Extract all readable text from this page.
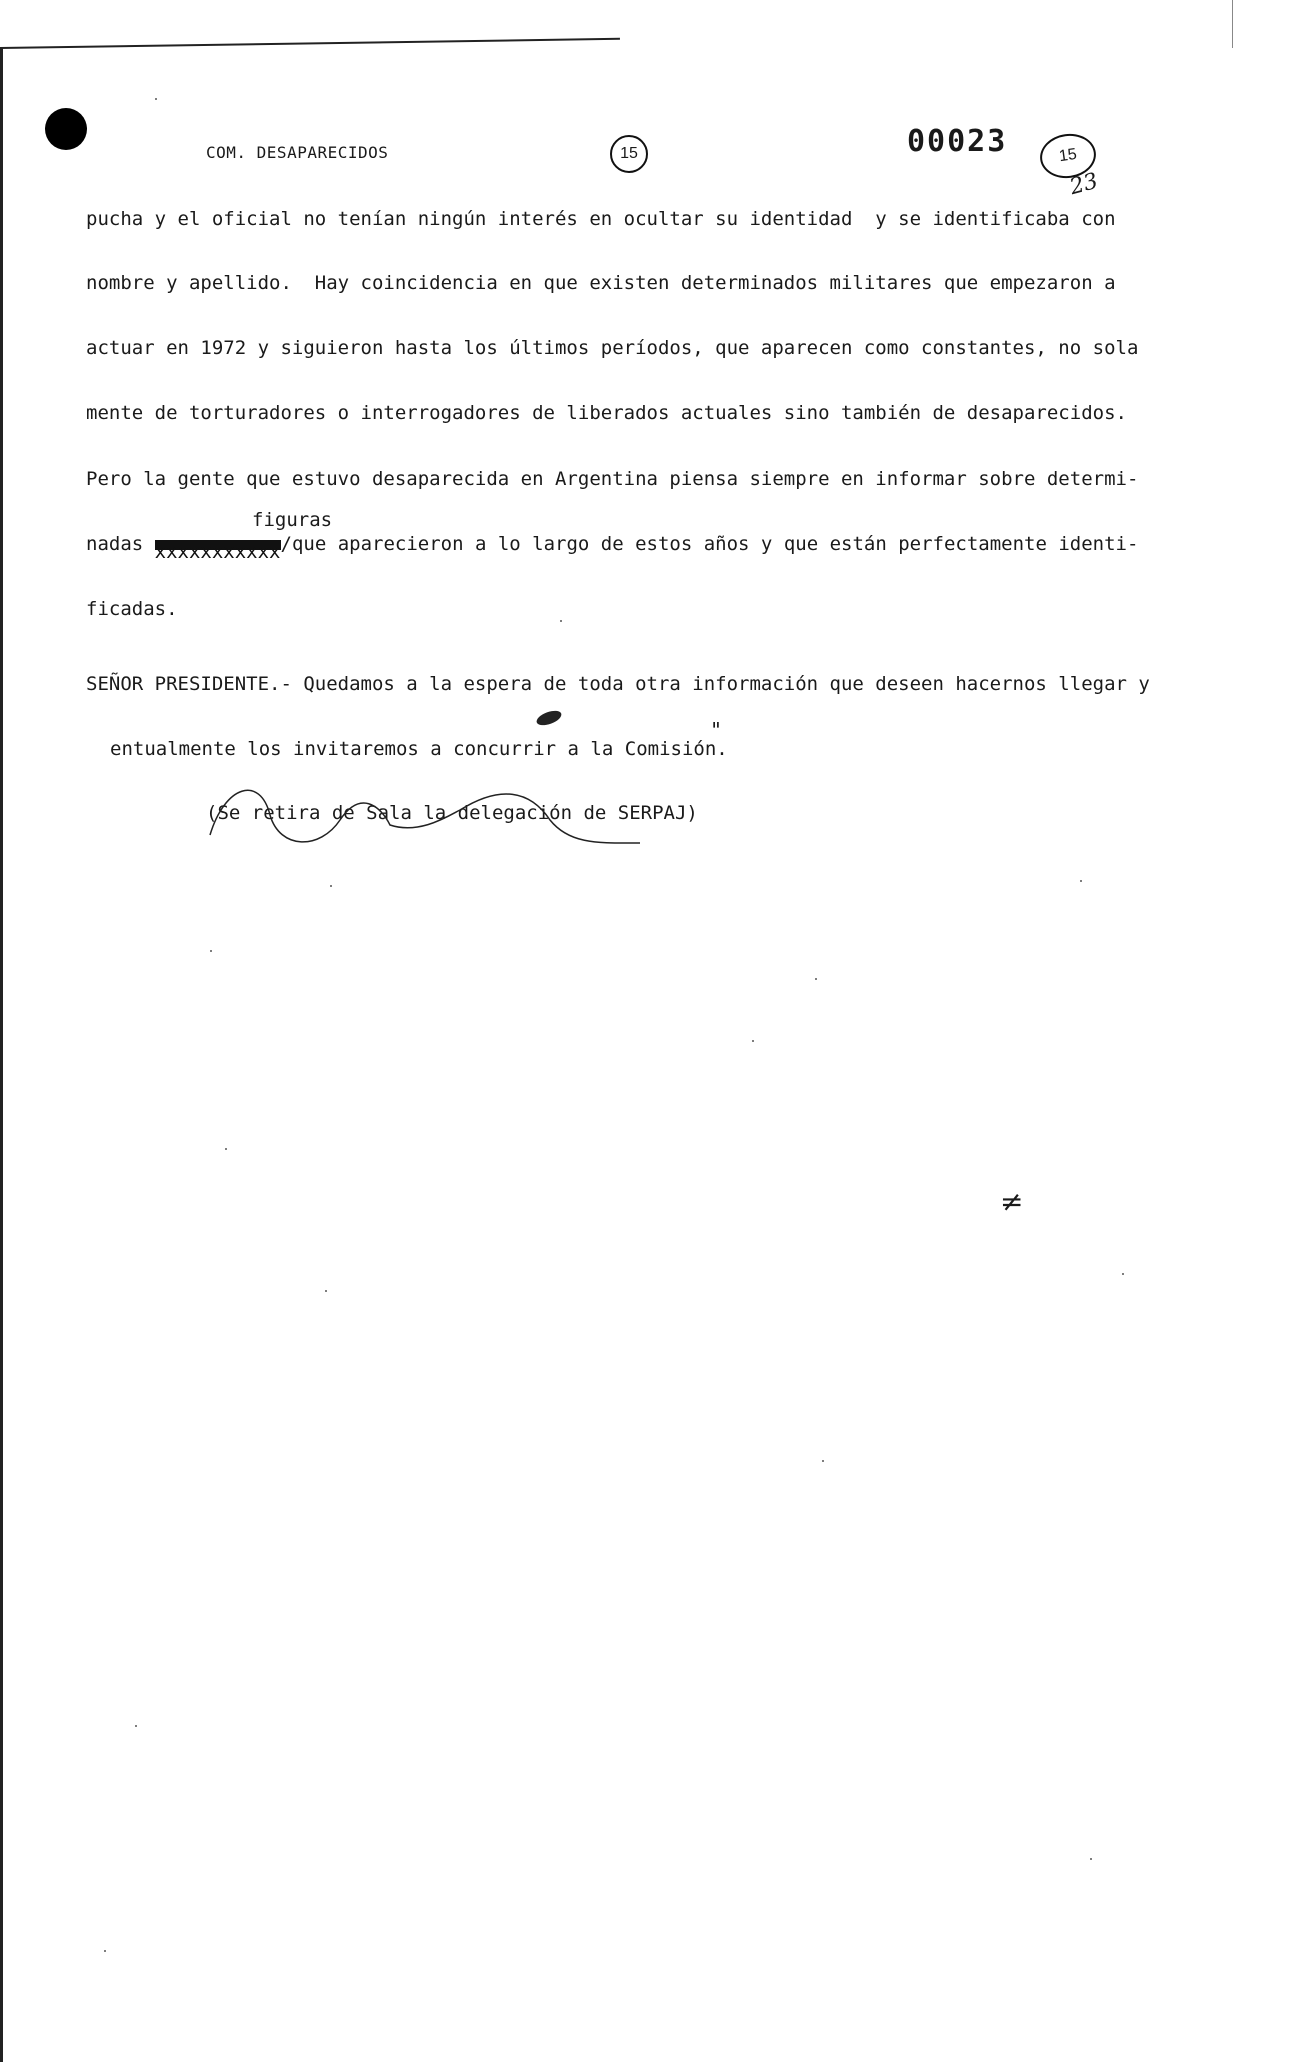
COM. DESAPARECIDOS	15	00023	15
23
pucha y el oficial no tenían ningún interés en ocultar su identidad  y se identificaba con
nombre y apellido.  Hay coincidencia en que existen determinados militares que empezaron a
actuar en 1972 y siguieron hasta los últimos períodos, que aparecen como constantes, no sola
mente de torturadores o interrogadores de liberados actuales sino también de desaparecidos.
Pero la gente que estuvo desaparecida en Argentina piensa siempre en informar sobre determi-
figuras
nadas xxxxxxxxxxx/que aparecieron a lo largo de estos años y que están perfectamente identi-
ficadas.
SEÑOR PRESIDENTE.- Quedamos a la espera de toda otra información que deseen hacernos llegar y
"
entualmente los invitaremos a concurrir a la Comisión.
(Se retira de Sala la delegación de SERPAJ)
≠
